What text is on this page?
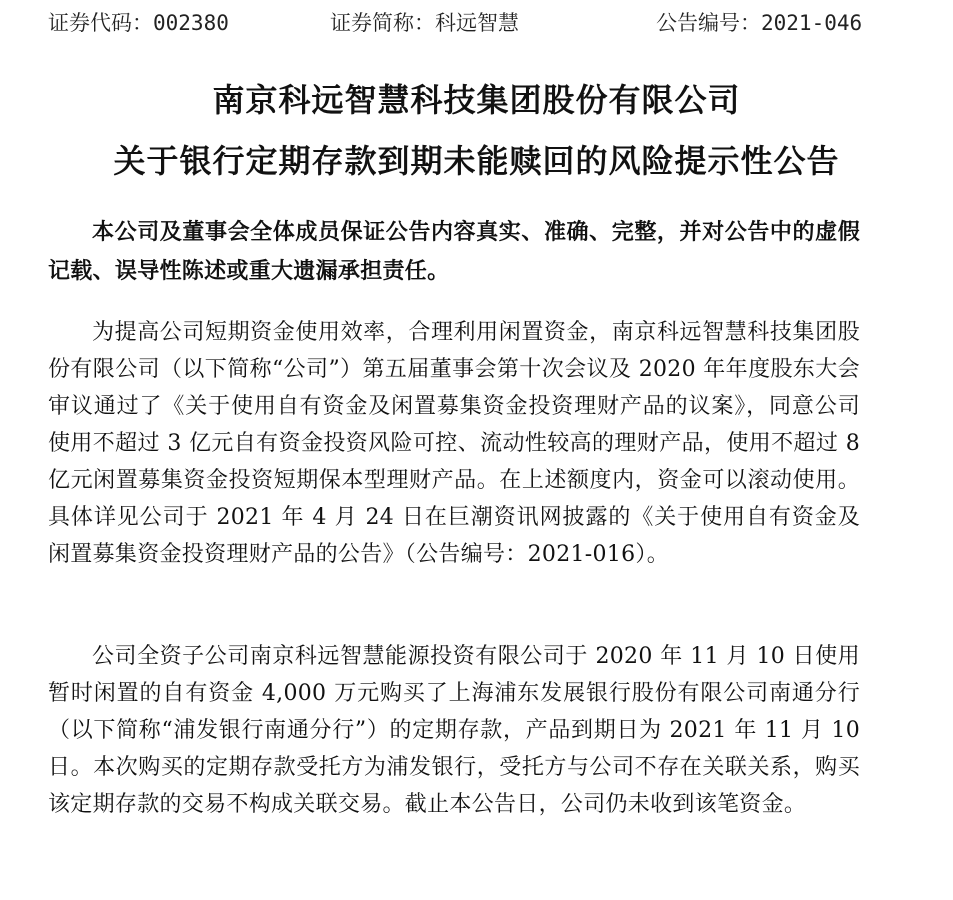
证券代码：002380	证券简称：科远智慧	公告编号：2021-046
南京科远智慧科技集团股份有限公司
关于银行定期存款到期未能赎回的风险提示性公告
本公司及董事会全体成员保证公告内容真实、准确、完整，并对公告中的虚假记载、误导性陈述或重大遗漏承担责任。
为提高公司短期资金使用效率，合理利用闲置资金，南京科远智慧科技集团股份有限公司（以下简称“公司”）第五届董事会第十次会议及 2020 年年度股东大会审议通过了《关于使用自有资金及闲置募集资金投资理财产品的议案》，同意公司使用不超过 3 亿元自有资金投资风险可控、流动性较高的理财产品，使用不超过 8 亿元闲置募集资金投资短期保本型理财产品。在上述额度内，资金可以滚动使用。具体详见公司于 2021 年 4 月 24 日在巨潮资讯网披露的《关于使用自有资金及闲置募集资金投资理财产品的公告》（公告编号：2021-016）。
公司全资子公司南京科远智慧能源投资有限公司于 2020 年 11 月 10 日使用暂时闲置的自有资金 4,000 万元购买了上海浦东发展银行股份有限公司南通分行（以下简称“浦发银行南通分行”）的定期存款，产品到期日为 2021 年 11 月 10 日。本次购买的定期存款受托方为浦发银行，受托方与公司不存在关联关系，购买该定期存款的交易不构成关联交易。截止本公告日，公司仍未收到该笔资金。
